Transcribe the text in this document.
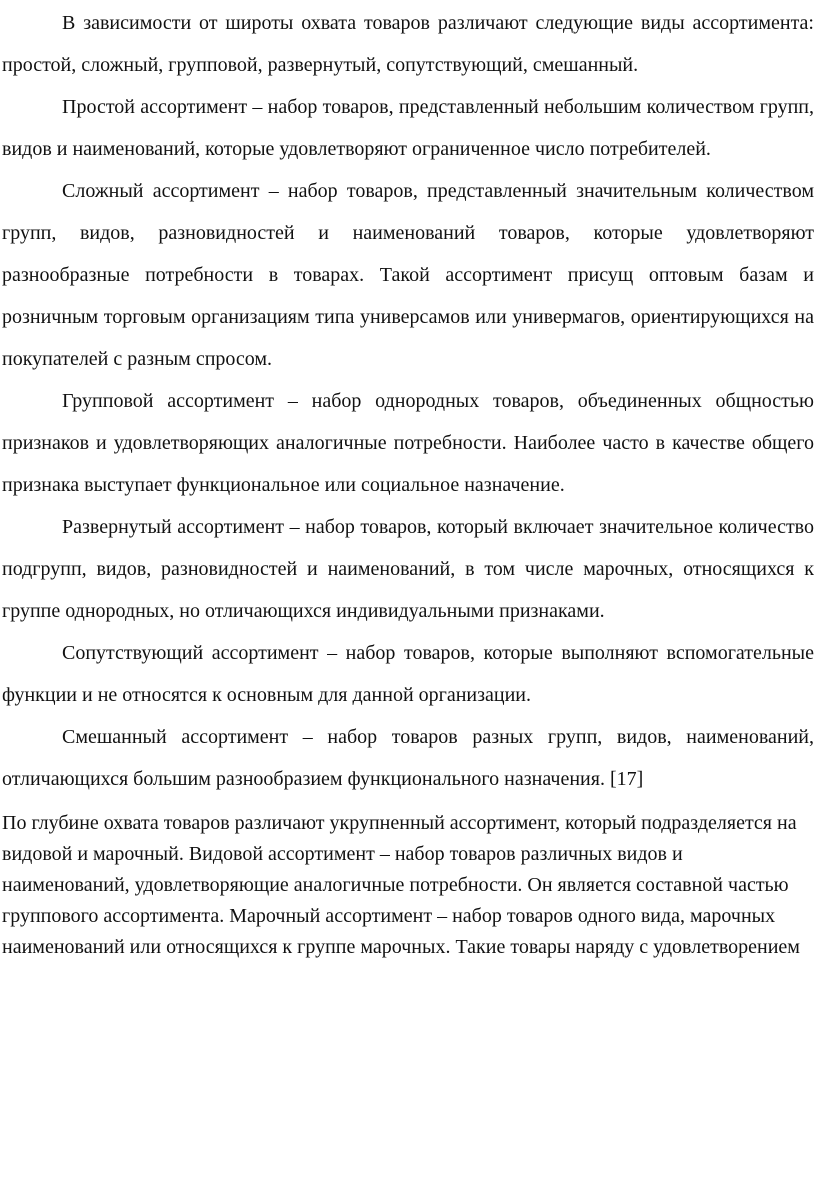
В зависимости от широты охвата товаров различают следующие виды ассортимента: простой, сложный, групповой, развернутый, сопутствующий, смешанный.

Простой ассортимент – набор товаров, представленный небольшим количеством групп, видов и наименований, которые удовлетворяют ограниченное число потребителей.

Сложный ассортимент – набор товаров, представленный значительным количеством групп, видов, разновидностей и наименований товаров, которые удовлетворяют разнообразные потребности в товарах. Такой ассортимент присущ оптовым базам и розничным торговым организациям типа универсамов или универмагов, ориентирующихся на покупателей с разным спросом.

Групповой ассортимент – набор однородных товаров, объединенных общностью признаков и удовлетворяющих аналогичные потребности. Наиболее часто в качестве общего признака выступает функциональное или социальное назначение.

Развернутый ассортимент – набор товаров, который включает значительное количество подгрупп, видов, разновидностей и наименований, в том числе марочных, относящихся к группе однородных, но отличающихся индивидуальными признаками.

Сопутствующий ассортимент – набор товаров, которые выполняют вспомогательные функции и не относятся к основным для данной организации.

Смешанный ассортимент – набор товаров разных групп, видов, наименований, отличающихся большим разнообразием функционального назначения. [17]

По глубине охвата товаров различают укрупненный ассортимент, который подразделяется на видовой и марочный. Видовой ассортимент – набор товаров различных видов и наименований, удовлетворяющие аналогичные потребности. Он является составной частью группового ассортимента. Марочный ассортимент – набор товаров одного вида, марочных наименований или относящихся к группе марочных. Такие товары наряду с удовлетворением
